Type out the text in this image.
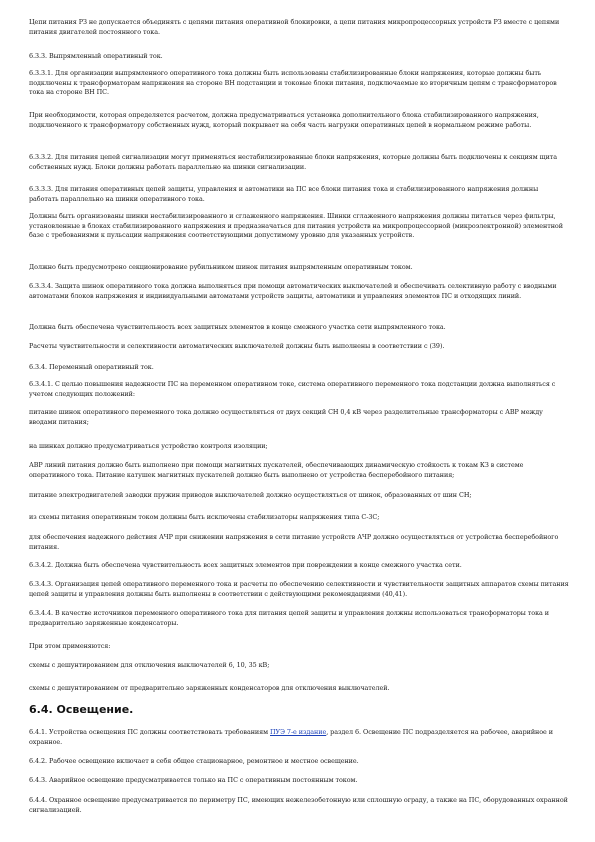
Цепи питания РЗ не допускается объединять с цепями питания оперативной блокировки, а цепи питания микропроцессорных устройств РЗ вместе с цепями питания двигателей постоянного тока.

6.3.3. Выпрямленный оперативный ток.

6.3.3.1. Для организации выпрямленного оперативного тока должны быть использованы стабилизированные блоки напряжения, которые должны быть подключены к трансформаторам напряжения на стороне ВН подстанции и токовые блоки питания, подключаемые ко вторичным цепям с трансформаторов тока на стороне ВН ПС.

При необходимости, которая определяется расчетом, должна предусматриваться установка дополнительного блока стабилизированного напряжения, подключенного к трансформатору собственных нужд, который покрывает на себя часть нагрузки оперативных цепей в нормальном режиме работы.

6.3.3.2. Для питания цепей сигнализации могут применяться нестабилизированные блоки напряжения, которые должны быть подключены к секциям щита собственных нужд. Блоки должны работать параллельно на шинки сигнализации.

6.3.3.3. Для питания оперативных цепей защиты, управления и автоматики на ПС все блоки питания тока и стабилизированного напряжения должны работать параллельно на шинки оперативного тока.

Должны быть организованы шинки нестабилизированного и сглаженного напряжения. Шинки сглаженного напряжения должны питаться через фильтры, установленные в блоках стабилизированного напряжения и предназначаться для питания устройств на микропроцессорной (микроэлектронной) элементной базе с требованиями к пульсации напряжения соответствующими допустимому уровню для указанных устройств.

Должно быть предусмотрено секционирование рубильником шинок питания выпрямленным оперативным током.

6.3.3.4. Защита шинок оперативного тока должна выполняться при помощи автоматических выключателей и обеспечивать селективную работу с вводными автоматами блоков напряжения и индивидуальными автоматами устройств защиты, автоматики и управления элементов ПС и отходящих линий.

Должна быть обеспечена чувствительность всех защитных элементов в конце смежного участка сети выпрямленного тока.

Расчеты чувствительности и селективности автоматических выключателей должны быть выполнены в соответствии с (39).

6.3.4. Переменный оперативный ток.

6.3.4.1. С целью повышения надежности ПС на переменном оперативном токе, система оперативного переменного тока подстанции должна выполняться с учетом следующих положений:

питание шинок оперативного переменного тока должно осуществляться от двух секций СН 0,4 кВ через разделительные трансформаторы с АВР между вводами питания;

на шинках должно предусматриваться устройство контроля изоляции;

АВР линий питания должно быть выполнено при помощи магнитных пускателей, обеспечивающих динамическую стойкость к токам КЗ в системе оперативного тока. Питание катушек магнитных пускателей должно быть выполнено от устройства бесперебойного питания;

питание электродвигателей заводки пружин приводов выключателей должно осуществляться от шинок, образованных от шин СН;

из схемы питания оперативным током должны быть исключены стабилизаторы напряжения типа С-3С;

для обеспечения надежного действия АЧР при снижении напряжения в сети питание устройств АЧР должно осуществляться от устройства бесперебойного питания.

6.3.4.2. Должна быть обеспечена чувствительность всех защитных элементов при повреждении в конце смежного участка сети.

6.3.4.3. Организация цепей оперативного переменного тока и расчеты по обеспечению селективности и чувствительности защитных аппаратов схемы питания цепей защиты и управления должны быть выполнены в соответствии с действующими рекомендациями (40,41).

6.3.4.4. В качестве источников переменного оперативного тока для питания цепей защиты и управления должны использоваться трансформаторы тока и предварительно заряженные конденсаторы.

При этом применяются:

схемы с дешунтированием для отключения выключателей 6, 10, 35 кВ;

схемы с дешунтированием от предварительно заряженных конденсаторов для отключения выключателей.

6.4. Освещение.

6.4.1. Устройства освещения ПС должны соответствовать требованиям ПУЭ 7-е издание, раздел 6. Освещение ПС подразделяется на рабочее, аварийное и охранное.

6.4.2. Рабочее освещение включает в себя общее стационарное, ремонтное и местное освещение.

6.4.3. Аварийное освещение предусматривается только на ПС с оперативным постоянным током.

6.4.4. Охранное освещение предусматривается по периметру ПС, имеющих нежелезобетонную или сплошную ограду, а также на ПС, оборудованных охранной сигнализацией.
